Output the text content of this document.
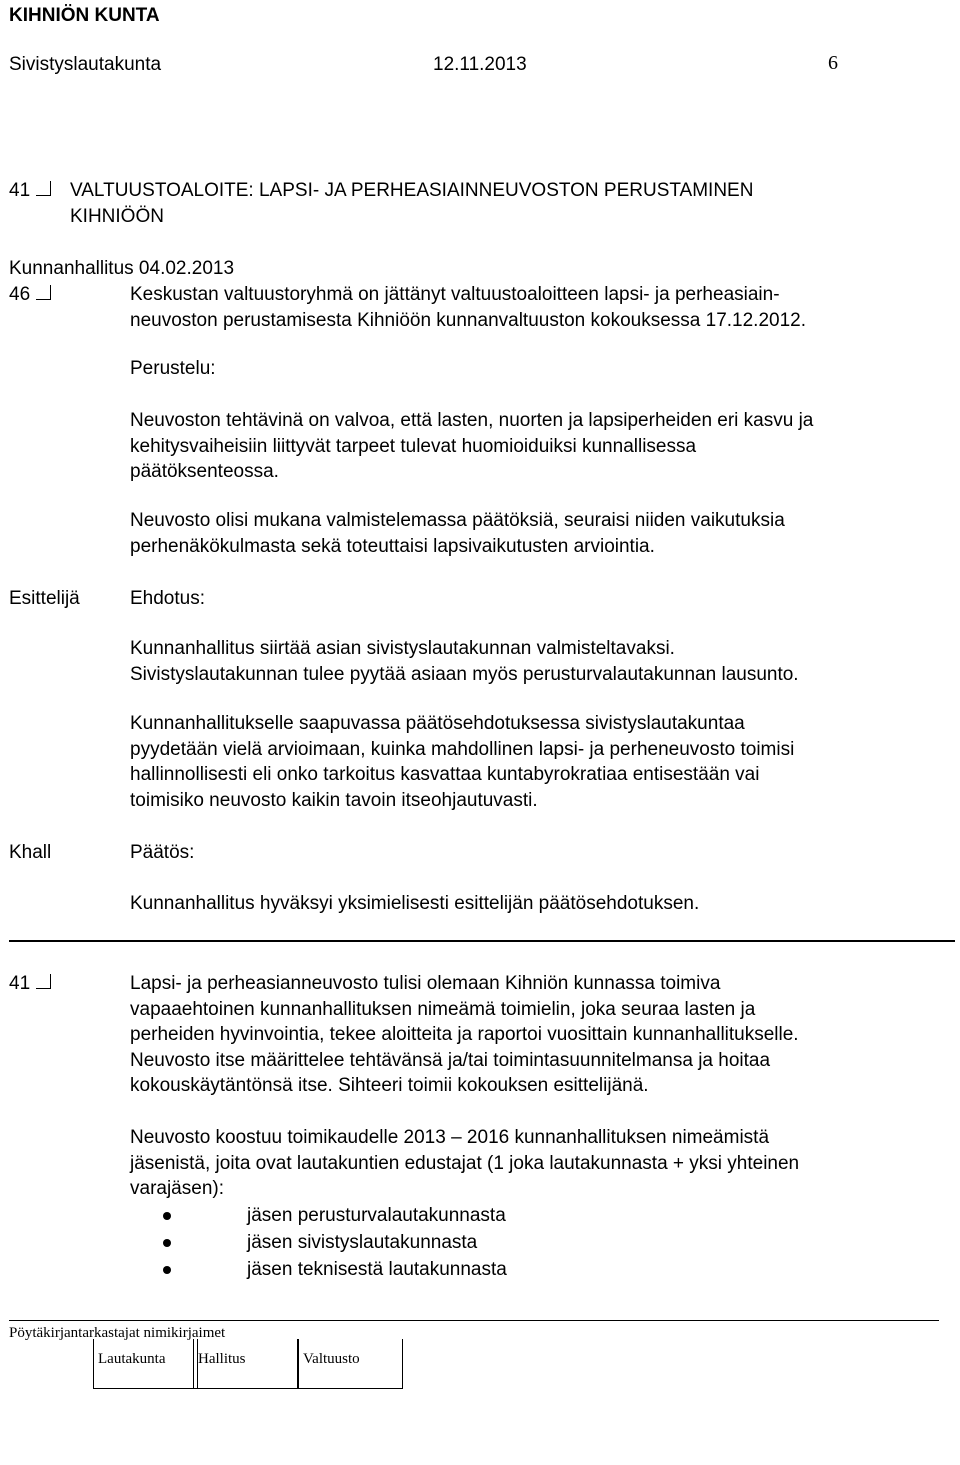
KIHNIÖN KUNTA
Sivistyslautakunta	12.11.2013	6
41 VALTUUSTOALOITE: LAPSI- JA PERHEASIAINNEUVOSTON PERUSTAMINEN
KIHNIÖÖN
Kunnanhallitus 04.02.2013
46	Keskustan valtuustoryhmä on jättänyt valtuustoaloitteen lapsi- ja perheasiain-
neuvoston perustamisesta Kihniöön kunnanvaltuuston kokouksessa 17.12.2012.
Perustelu:
Neuvoston tehtävinä on valvoa, että lasten, nuorten ja lapsiperheiden eri kasvu ja
kehitysvaiheisiin liittyvät tarpeet tulevat huomioiduiksi kunnallisessa
päätöksenteossa.
Neuvosto olisi mukana valmistelemassa päätöksiä, seuraisi niiden vaikutuksia
perhenäkökulmasta sekä toteuttaisi lapsivaikutusten arviointia.
Esittelijä	Ehdotus:
Kunnanhallitus siirtää asian sivistyslautakunnan valmisteltavaksi.
Sivistyslautakunnan tulee pyytää asiaan myös perusturvalautakunnan lausunto.
Kunnanhallitukselle saapuvassa päätösehdotuksessa sivistyslautakuntaa
pyydetään vielä arvioimaan, kuinka mahdollinen lapsi- ja perheneuvosto toimisi
hallinnollisesti eli onko tarkoitus kasvattaa kuntabyrokratiaa entisestään vai
toimisiko neuvosto kaikin tavoin itseohjautuvasti.
Khall	Päätös:
Kunnanhallitus hyväksyi yksimielisesti esittelijän päätösehdotuksen.
41	Lapsi- ja perheasianneuvosto tulisi olemaan Kihniön kunnassa toimiva
vapaaehtoinen kunnanhallituksen nimeämä toimielin, joka seuraa lasten ja
perheiden hyvinvointia, tekee aloitteita ja raportoi vuosittain kunnanhallitukselle.
Neuvosto itse määrittelee tehtävänsä ja/tai toimintasuunnitelmansa ja hoitaa
kokouskäytäntönsä itse. Sihteeri toimii kokouksen esittelijänä.
Neuvosto koostuu toimikaudelle 2013 – 2016 kunnanhallituksen nimeämistä
jäsenistä, joita ovat lautakuntien edustajat (1 joka lautakunnasta + yksi yhteinen
varajäsen):
jäsen perusturvalautakunnasta
jäsen sivistyslautakunnasta
jäsen teknisestä lautakunnasta
Pöytäkirjantarkastajat nimikirjaimet
Lautakunta Hallitus	Valtuusto
